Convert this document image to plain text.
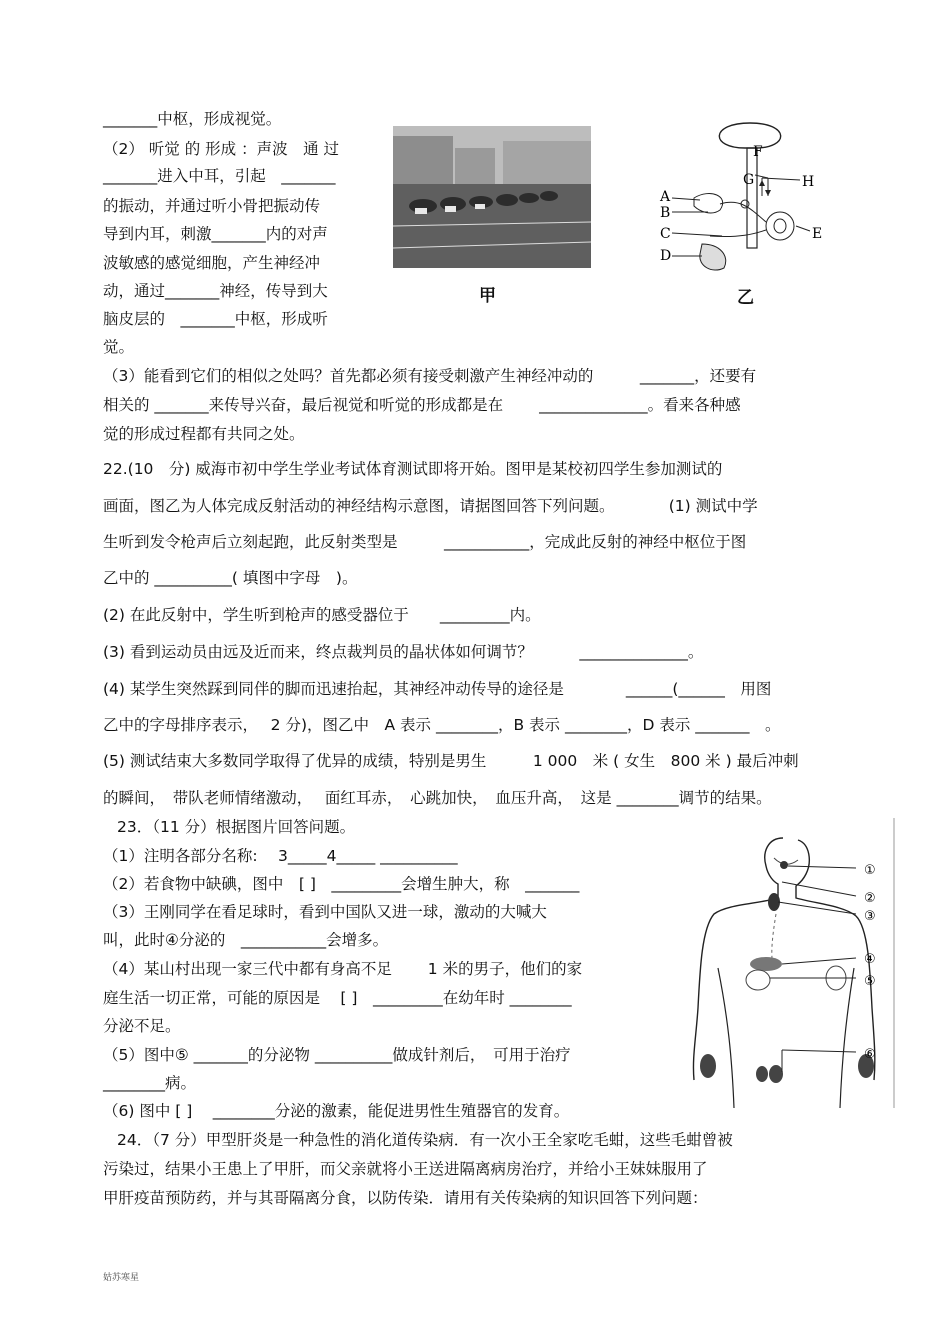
_______中枢，形成视觉。
（2） 听觉 的 形成 ：声波　通 过
_______进入中耳，引起　_______
的振动，并通过听小骨把振动传
导到内耳，刺激_______内的对声
波敏感的感觉细胞，产生神经冲
动，通过_______神经，传导到大
脑皮层的　_______中枢，形成听
觉。
（3）能看到它们的相似之处吗？首先都必须有接受刺激产生神经冲动的　　　_______，还要有
相关的 _______来传导兴奋，最后视觉和听觉的形成都是在　　 ______________。看来各种感
觉的形成过程都有共同之处。
22.(10　分) 威海市初中学生学业考试体育测试即将开始。图甲是某校初四学生参加测试的
画面，图乙为人体完成反射活动的神经结构示意图，请据图回答下列问题。　　　　(1) 测试中学
生听到发令枪声后立刻起跑，此反射类型是　　　___________，完成此反射的神经中枢位于图
乙中的 __________( 填图中字母　)。
(2) 在此反射中，学生听到枪声的感受器位于　　_________内。
(3) 看到运动员由远及近而来，终点裁判员的晶状体如何调节？　　　______________。
(4) 某学生突然踩到同伴的脚而迅速抬起，其神经冲动传导的途径是　　　　______(______　用图
乙中的字母排序表示，　 2 分)，图乙中　A 表示 ________，B 表示 ________，D 表示 _______　。
(5) 测试结束大多数同学取得了优异的成绩，特别是男生　　　1 000　米 ( 女生　800 米 ) 最后冲刺
的瞬间，　带队老师情绪激动，　 面红耳赤，　心跳加快，　血压升高，　这是 ________调节的结果。
23．（11 分）根据图片回答问题。
（1）注明各部分名称:　 3_____4_____ __________
（2）若食物中缺碘，图中　[ ]　_________会增生肿大，称　_______
（3）王刚同学在看足球时，看到中国队又进一球，激动的大喊大
叫，此时④分泌的　___________会增多。
（4）某山村出现一家三代中都有身高不足　　 1 米的男子，他们的家
庭生活一切正常，可能的原因是　 [ ]　_________在幼年时 ________
分泌不足。
（5）图中⑤ _______的分泌物 __________做成针剂后，　可用于治疗
________病。
（6) 图中 [ ]　 ________分泌的激素，能促进男性生殖器官的发育。
24．（7 分）甲型肝炎是一种急性的消化道传染病．有一次小王全家吃毛蚶，这些毛蚶曾被
污染过，结果小王患上了甲肝，而父亲就将小王送进隔离病房治疗，并给小王妹妹服用了
甲肝疫苗预防药，并与其哥隔离分食，以防传染．请用有关传染病的知识回答下列问题：
甲
A
B
C
D
E
F
G	H
乙
①
②
③
④
⑤
⑥
姑苏寒星
